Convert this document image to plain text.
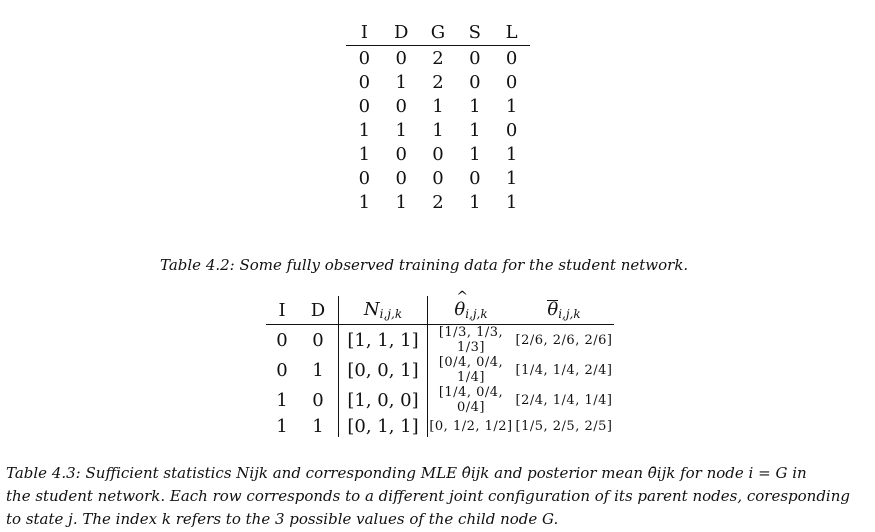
I	D	G	S	L
0	0	2	0	0
0	1	2	0	0
0	0	1	1	1
1	1	1	1	0
1	0	0	1	1
0	0	0	0	1
1	1	2	1	1
Table 4.2: Some fully observed training data for the student network.
I	D	$N_{i,j,k}$	^ $\theta_{i,j,k}$	$\theta_{i,j,k}$
0	0	[1, 1, 1]	[1/3, 1/3, 1/3]	[2/6, 2/6, 2/6]
0	1	[0, 0, 1]	[0/4, 0/4, 1/4]	[1/4, 1/4, 2/4]
1	0	[1, 0, 0]	[1/4, 0/4, 0/4]	[2/4, 1/4, 1/4]
1	1	[0, 1, 1]	[0, 1/2, 1/2]	[1/5, 2/5, 2/5]
Table 4.3: Sufficient statistics Nijk and corresponding MLE θ̂ijk and posterior mean θ̄ijk for node i = G in
the student network. Each row corresponds to a different joint configuration of its parent nodes, coresponding
to state j. The index k refers to the 3 possible values of the child node G.
